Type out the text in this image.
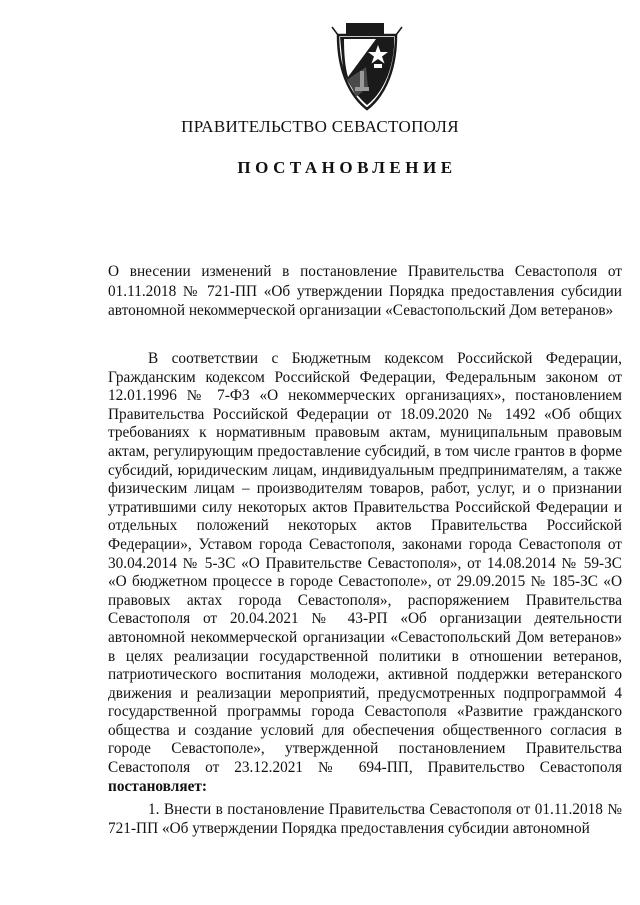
ПРАВИТЕЛЬСТВО СЕВАСТОПОЛЯ
ПОСТАНОВЛЕНИЕ
О внесении изменений в постановление Правительства Севастополя от 01.11.2018 № 721-ПП «Об утверждении Порядка предоставления субсидии автономной некоммерческой организации «Севастопольский Дом ветеранов»
В соответствии с Бюджетным кодексом Российской Федерации, Гражданским кодексом Российской Федерации, Федеральным законом от 12.01.1996 № 7-ФЗ «О некоммерческих организациях», постановлением Правительства Российской Федерации от 18.09.2020 № 1492 «Об общих требованиях к нормативным правовым актам, муниципальным правовым актам, регулирующим предоставление субсидий, в том числе грантов в форме субсидий, юридическим лицам, индивидуальным предпринимателям, а также физическим лицам – производителям товаров, работ, услуг, и о признании утратившими силу некоторых актов Правительства Российской Федерации и отдельных положений некоторых актов Правительства Российской Федерации», Уставом города Севастополя, законами города Севастополя от 30.04.2014 № 5-ЗС «О Правительстве Севастополя», от 14.08.2014 № 59-ЗС «О бюджетном процессе в городе Севастополе», от 29.09.2015 № 185-ЗС «О правовых актах города Севастополя», распоряжением Правительства Севастополя от 20.04.2021 № 43-РП «Об организации деятельности автономной некоммерческой организации «Севастопольский Дом ветеранов» в целях реализации государственной политики в отношении ветеранов, патриотического воспитания молодежи, активной поддержки ветеранского движения и реализации мероприятий, предусмотренных подпрограммой 4 государственной программы города Севастополя «Развитие гражданского общества и создание условий для обеспечения общественного согласия в городе Севастополе», утвержденной постановлением Правительства Севастополя от 23.12.2021 № 694-ПП, Правительство Севастополя постановляет:
1. Внести в постановление Правительства Севастополя от 01.11.2018 № 721-ПП «Об утверждении Порядка предоставления субсидии автономной
